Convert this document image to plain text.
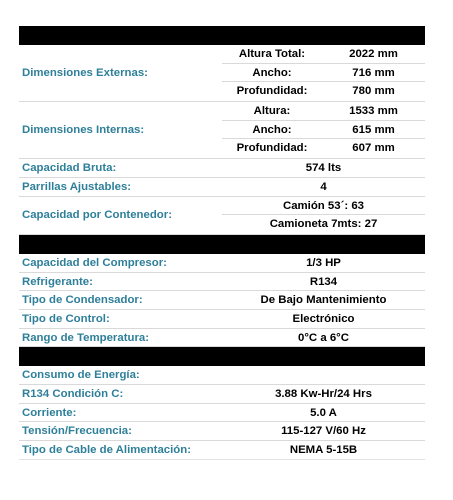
Dimensiones Externas:
Altura Total:	2022 mm
Ancho:	716 mm
Profundidad:	780 mm
Dimensiones Internas:
Altura:	1533 mm
Ancho:	615 mm
Profundidad:	607 mm
Capacidad Bruta:	574 lts
Parrillas Ajustables:	4
Capacidad por Contenedor:
Camión 53´: 63
Camioneta 7mts: 27
Capacidad del Compresor:	1/3 HP
Refrigerante:	R134
Tipo de Condensador:	De Bajo Mantenimiento
Tipo de Control:	Electrónico
Rango de Temperatura:	0°C a 6°C
Consumo de Energía:
R134 Condición C:	3.88 Kw-Hr/24 Hrs
Corriente:	5.0 A
Tensión/Frecuencia:	115-127 V/60 Hz
Tipo de Cable de Alimentación:	NEMA 5-15B
